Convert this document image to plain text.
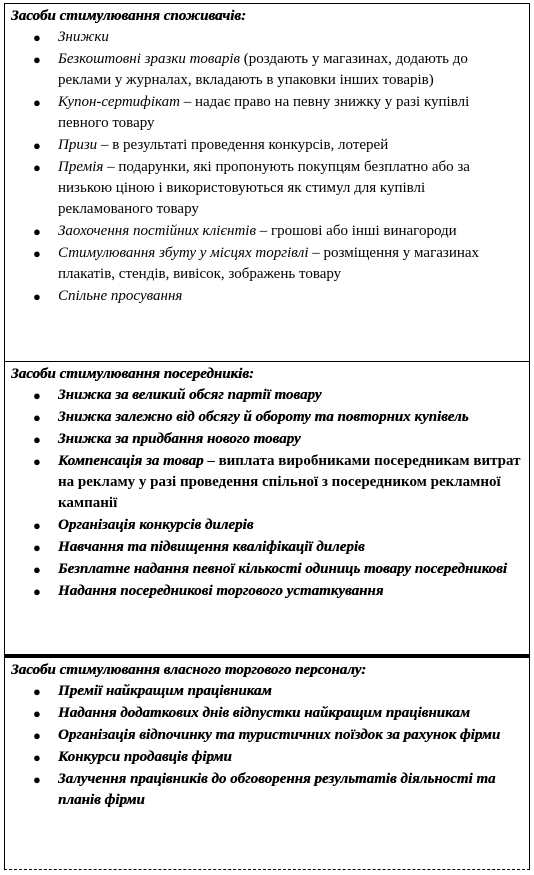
Засоби стимулювання споживачів:
● Знижки
● Безкоштовні зразки товарів (роздають у магазинах, додають до реклами у журналах, вкладають в упаковки інших товарів)
● Купон-сертифікат – надає право на певну знижку у разі купівлі певного товару
● Призи – в результаті проведення конкурсів, лотерей
● Премія – подарунки, які пропонують покупцям безплатно або за низькою ціною і використовуються як стимул для купівлі рекламованого товару
● Заохочення постійних клієнтів – грошові або інші винагороди
● Стимулювання збуту у місцях торгівлі – розміщення у магазинах плакатів, стендів, вивісок, зображень товару
● Спільне просування
Засоби стимулювання посередників:
● Знижка за великий обсяг партії товару
● Знижка залежно від обсягу й обороту та повторних купівель
● Знижка за придбання нового товару
● Компенсація за товар – виплата виробниками посередникам витрат на рекламу у разі проведення спільної з посередником рекламної кампанії
● Організація конкурсів дилерів
● Навчання та підвищення кваліфікації дилерів
● Безплатне надання певної кількості одиниць товару посередникові
● Надання посередникові торгового устаткування
Засоби стимулювання власного торгового персоналу:
● Премії найкращим працівникам
● Надання додаткових днів відпустки найкращим працівникам
● Організація відпочинку та туристичних поїздок за рахунок фірми
● Конкурси продавців фірми
● Залучення працівників до обговорення результатів діяльності та планів фірми
